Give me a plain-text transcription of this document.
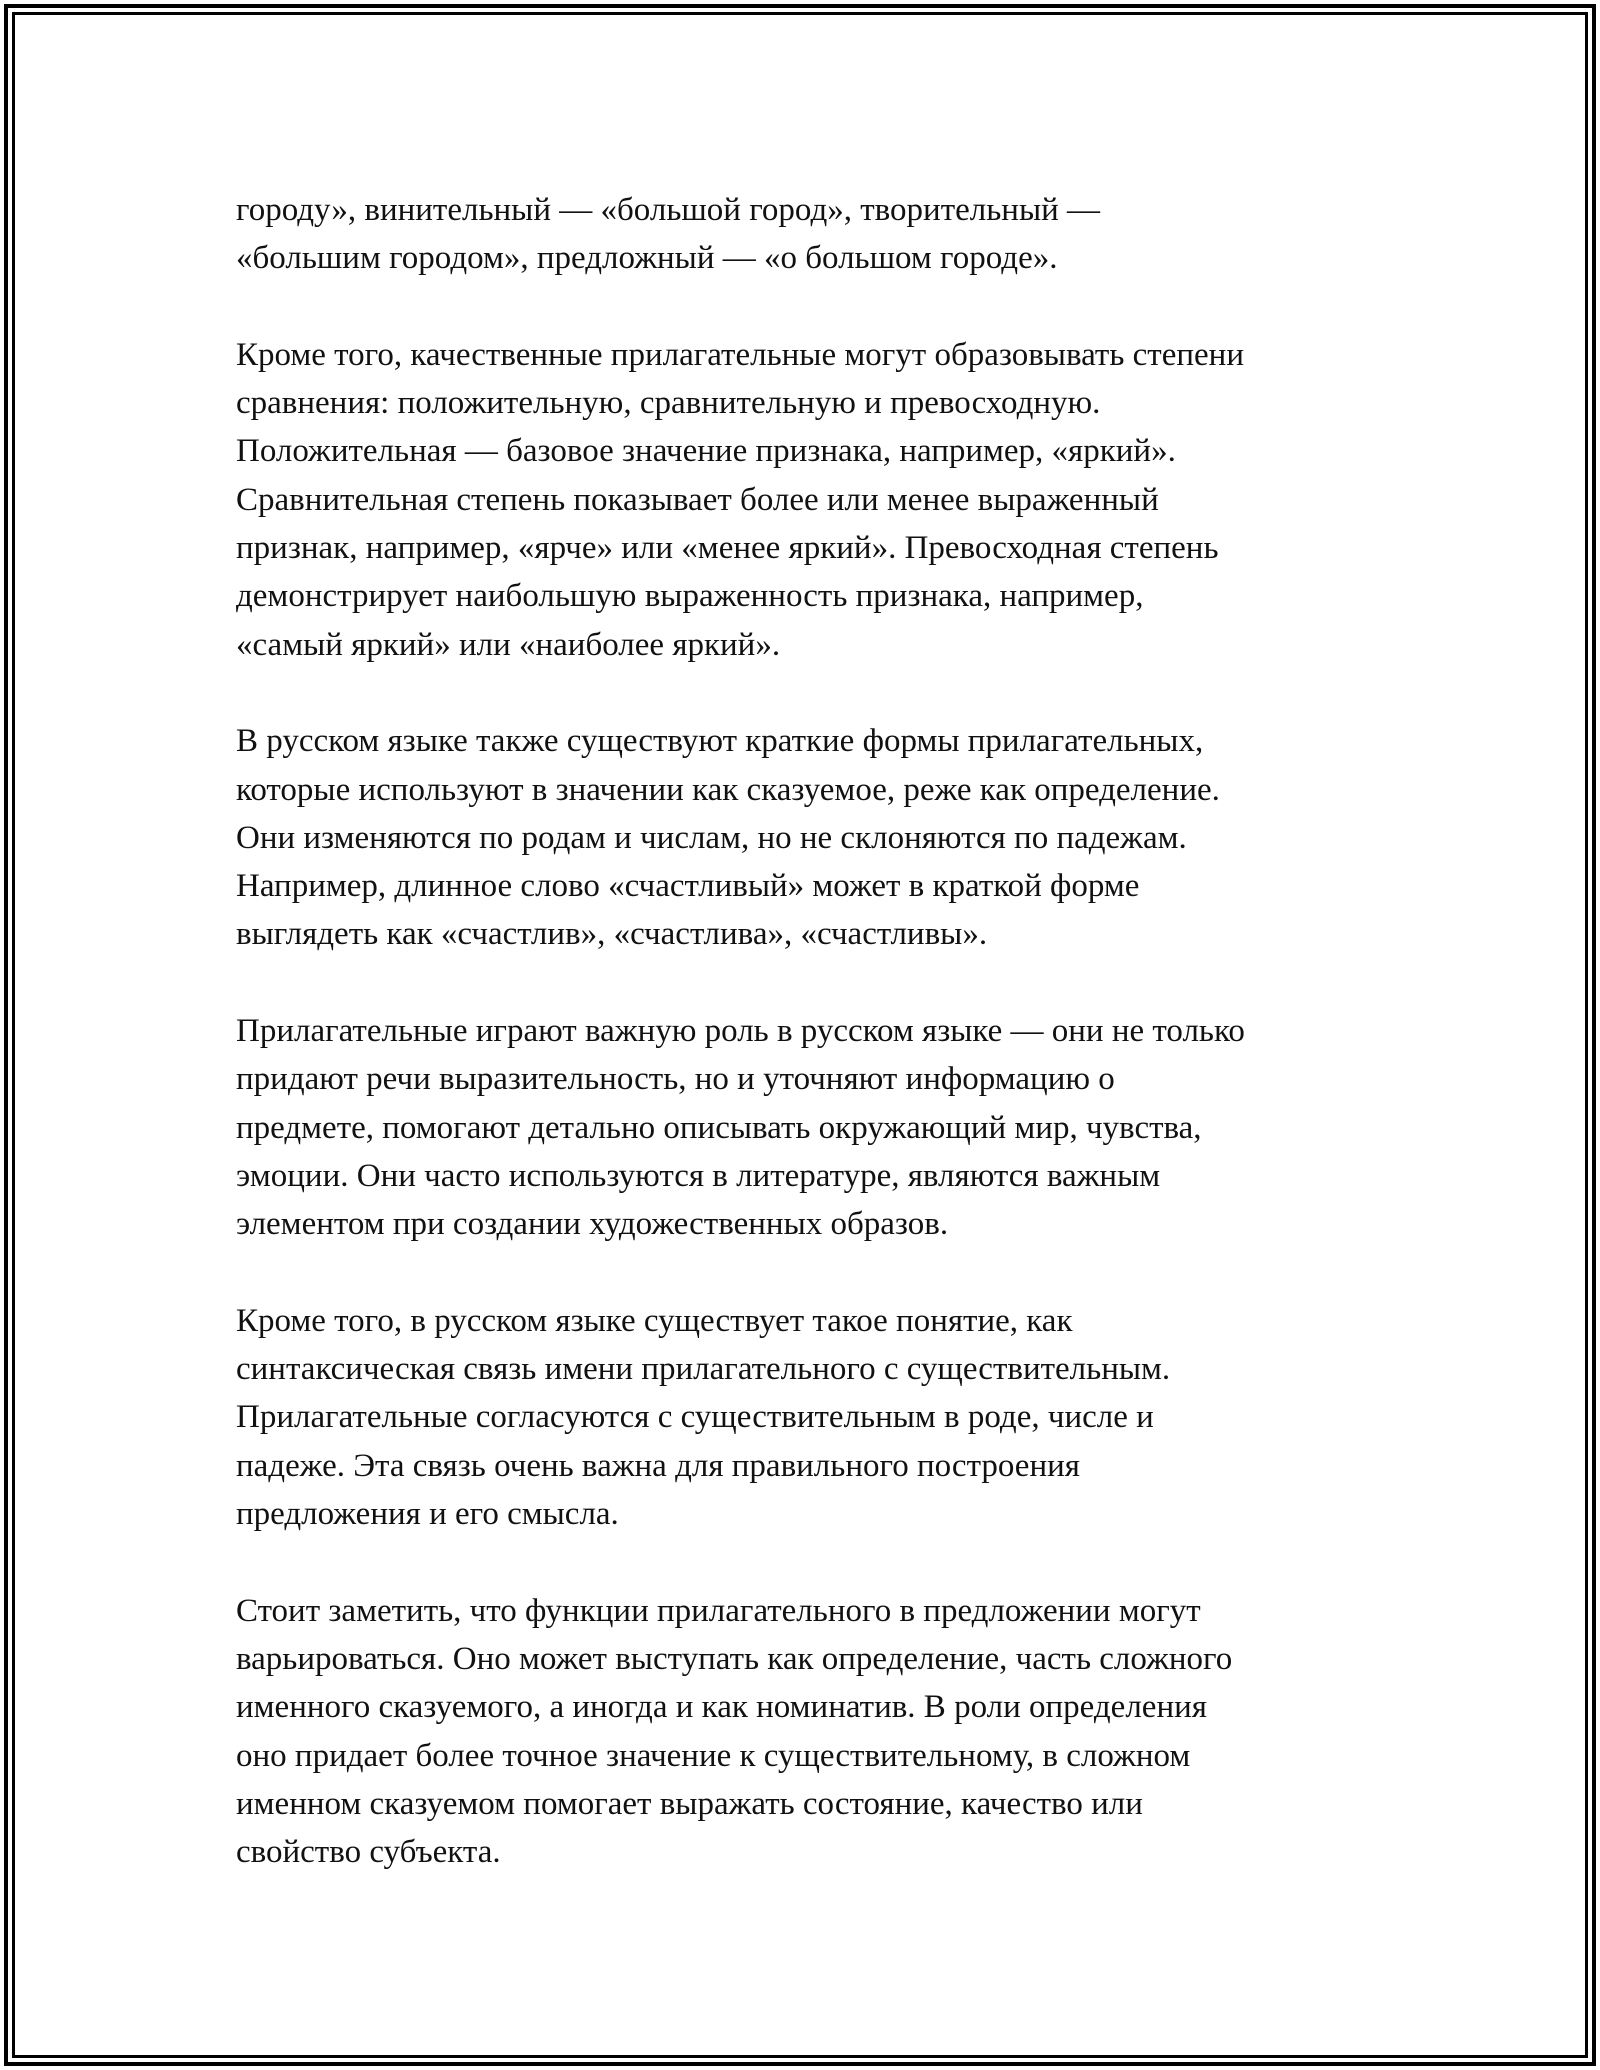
городу», винительный — «большой город», творительный —
«большим городом», предложный — «о большом городе».

Кроме того, качественные прилагательные могут образовывать степени
сравнения: положительную, сравнительную и превосходную.
Положительная — базовое значение признака, например, «яркий».
Сравнительная степень показывает более или менее выраженный
признак, например, «ярче» или «менее яркий». Превосходная степень
демонстрирует наибольшую выраженность признака, например,
«самый яркий» или «наиболее яркий».

В русском языке также существуют краткие формы прилагательных,
которые используют в значении как сказуемое, реже как определение.
Они изменяются по родам и числам, но не склоняются по падежам.
Например, длинное слово «счастливый» может в краткой форме
выглядеть как «счастлив», «счастлива», «счастливы».

Прилагательные играют важную роль в русском языке — они не только
придают речи выразительность, но и уточняют информацию о
предмете, помогают детально описывать окружающий мир, чувства,
эмоции. Они часто используются в литературе, являются важным
элементом при создании художественных образов.

Кроме того, в русском языке существует такое понятие, как
синтаксическая связь имени прилагательного с существительным.
Прилагательные согласуются с существительным в роде, числе и
падеже. Эта связь очень важна для правильного построения
предложения и его смысла.

Стоит заметить, что функции прилагательного в предложении могут
варьироваться. Оно может выступать как определение, часть сложного
именного сказуемого, а иногда и как номинатив. В роли определения
оно придает более точное значение к существительному, в сложном
именном сказуемом помогает выражать состояние, качество или
свойство субъекта.
